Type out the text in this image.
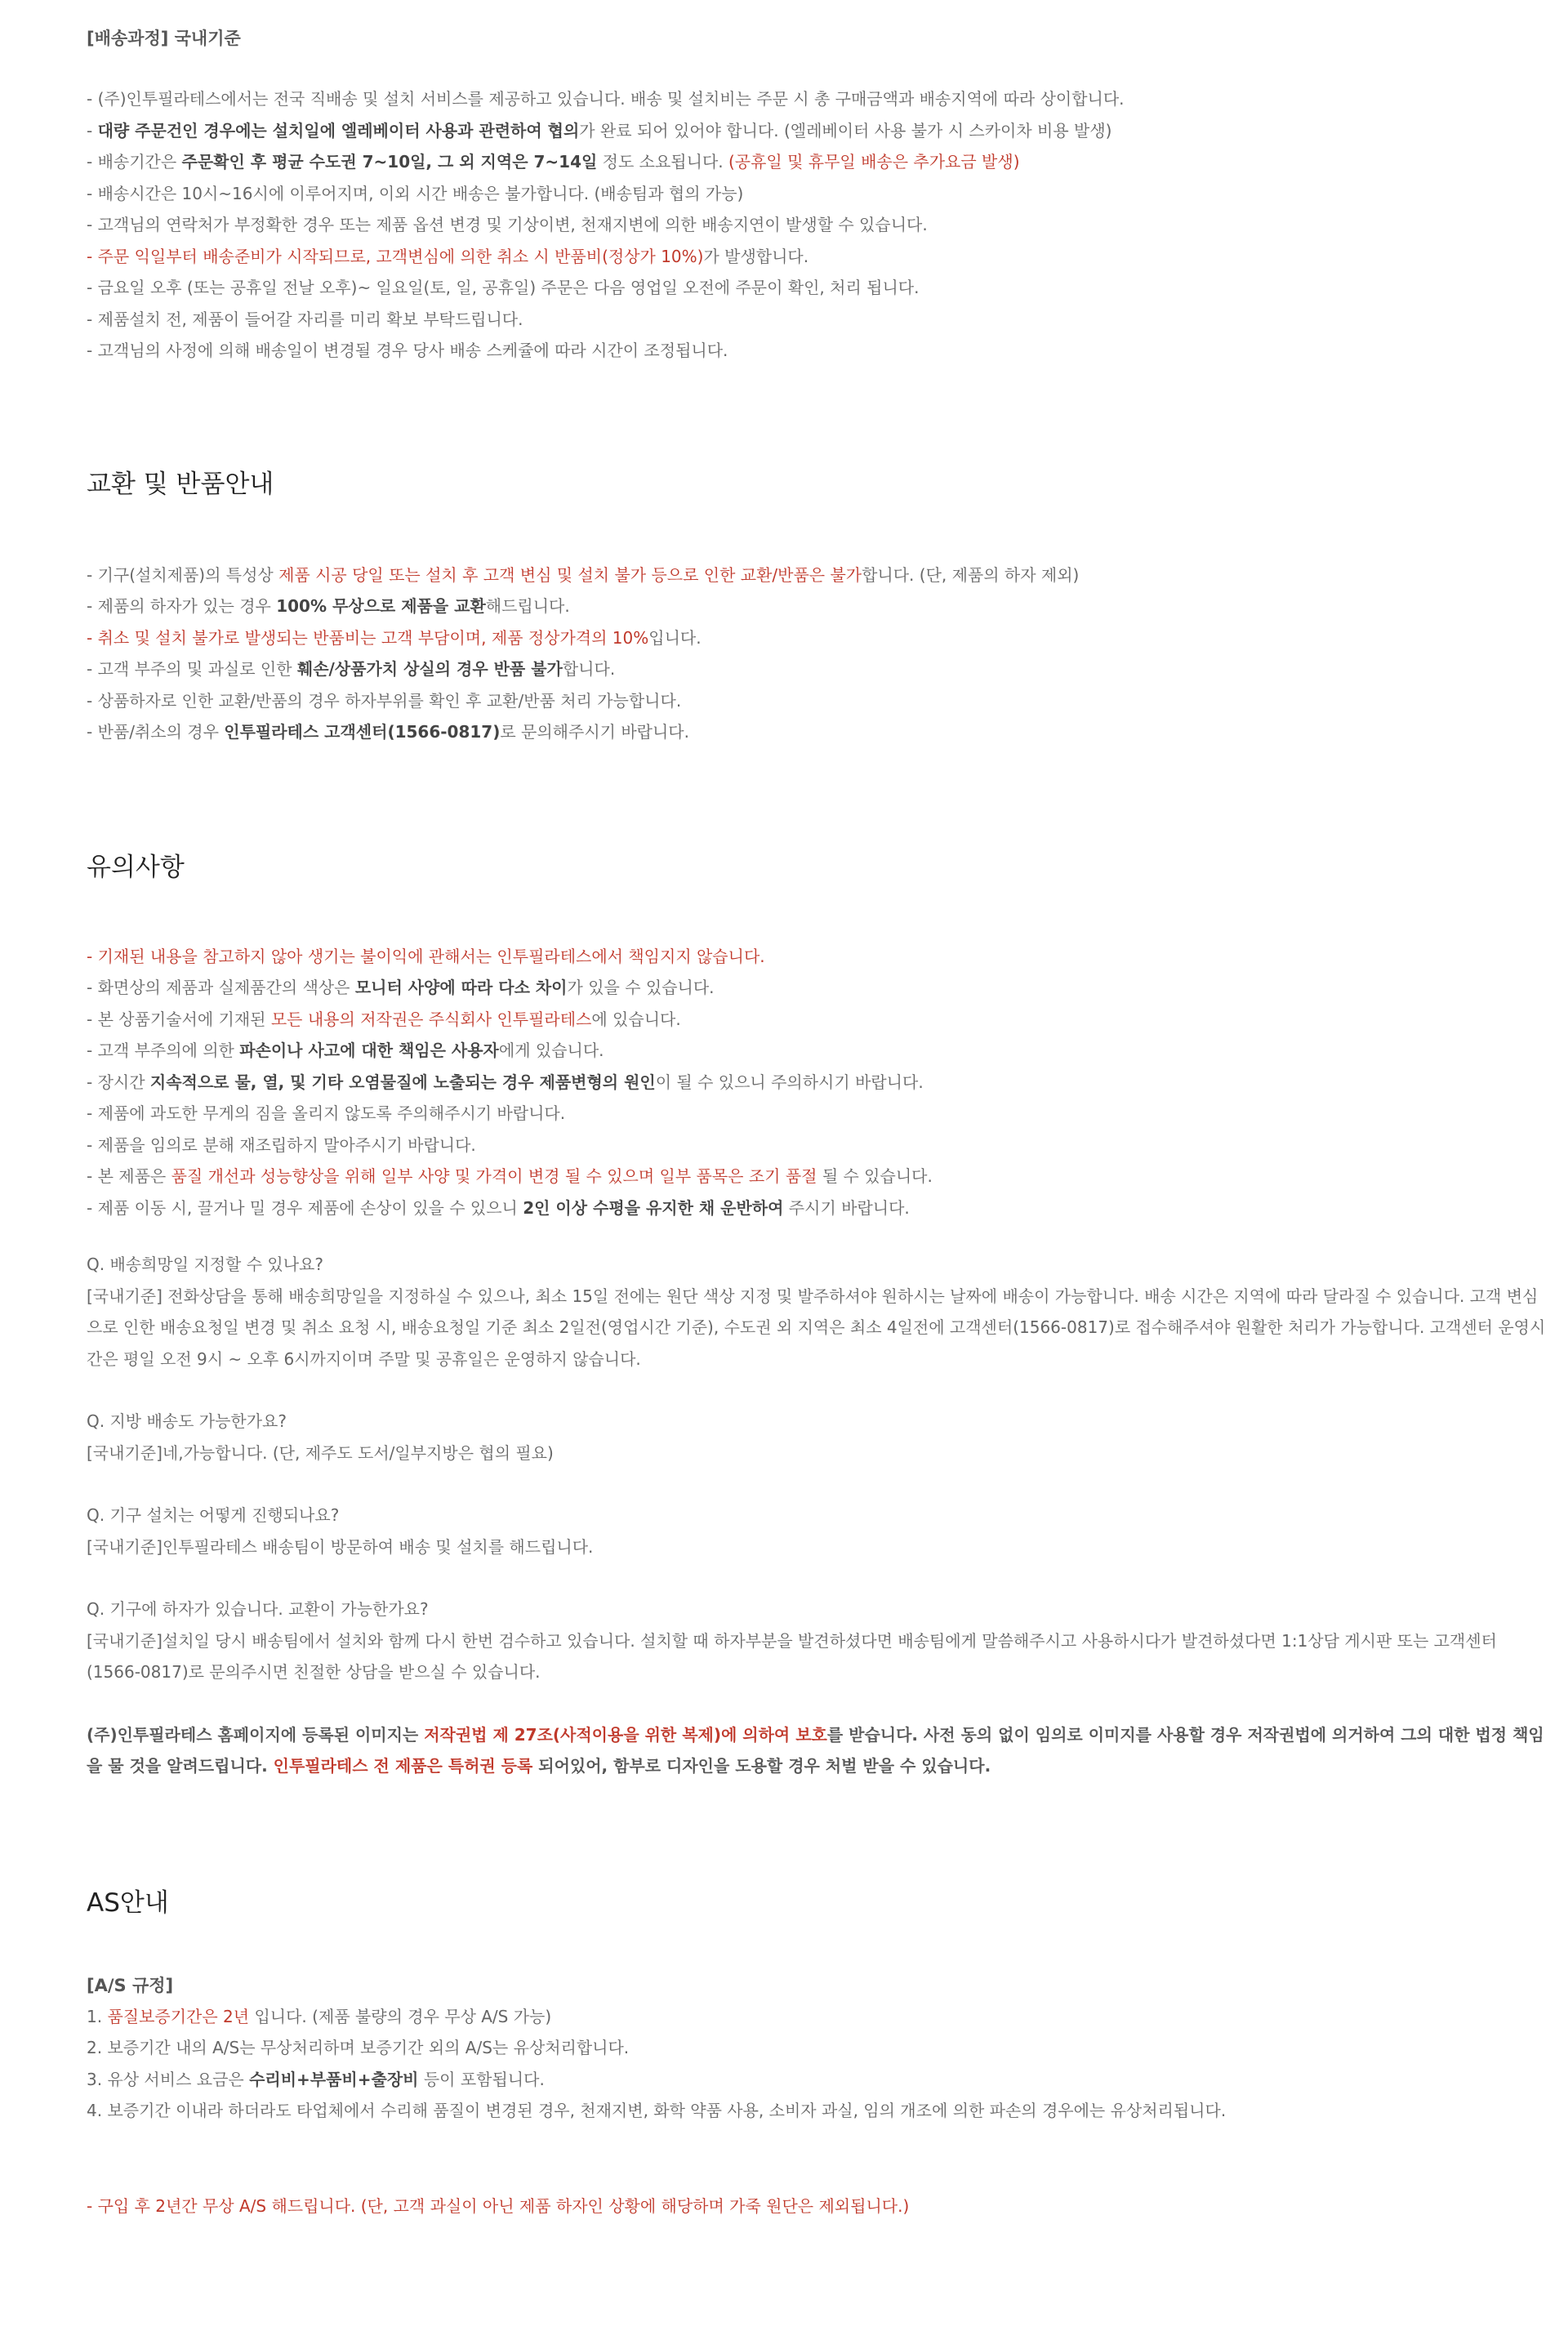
[배송과정] 국내기준

- (주)인투필라테스에서는 전국 직배송 및 설치 서비스를 제공하고 있습니다. 배송 및 설치비는 주문 시 총 구매금액과 배송지역에 따라 상이합니다.

- 대량 주문건인 경우에는 설치일에 엘레베이터 사용과 관련하여 협의가 완료 되어 있어야 합니다. (엘레베이터 사용 불가 시 스카이차 비용 발생)

- 배송기간은 주문확인 후 평균 수도권 7~10일, 그 외 지역은 7~14일 정도 소요됩니다. (공휴일 및 휴무일 배송은 추가요금 발생)

- 배송시간은 10시~16시에 이루어지며, 이외 시간 배송은 불가합니다. (배송팀과 협의 가능)

- 고객님의 연락처가 부정확한 경우 또는 제품 옵션 변경 및 기상이변, 천재지변에 의한 배송지연이 발생할 수 있습니다.

- 주문 익일부터 배송준비가 시작되므로, 고객변심에 의한 취소 시 반품비(정상가 10%)가 발생합니다.

- 금요일 오후 (또는 공휴일 전날 오후)~ 일요일(토, 일, 공휴일) 주문은 다음 영업일 오전에 주문이 확인, 처리 됩니다.

- 제품설치 전, 제품이 들어갈 자리를 미리 확보 부탁드립니다.

- 고객님의 사정에 의해 배송일이 변경될 경우 당사 배송 스케쥴에 따라 시간이 조정됩니다.

교환 및 반품안내

- 기구(설치제품)의 특성상 제품 시공 당일 또는 설치 후 고객 변심 및 설치 불가 등으로 인한 교환/반품은 불가합니다. (단, 제품의 하자 제외)

- 제품의 하자가 있는 경우 100% 무상으로 제품을 교환해드립니다.

- 취소 및 설치 불가로 발생되는 반품비는 고객 부담이며, 제품 정상가격의 10%입니다.

- 고객 부주의 및 과실로 인한 훼손/상품가치 상실의 경우 반품 불가합니다.

- 상품하자로 인한 교환/반품의 경우 하자부위를 확인 후 교환/반품 처리 가능합니다.

- 반품/취소의 경우 인투필라테스 고객센터(1566-0817)로 문의해주시기 바랍니다.

유의사항

- 기재된 내용을 참고하지 않아 생기는 불이익에 관해서는 인투필라테스에서 책임지지 않습니다.

- 화면상의 제품과 실제품간의 색상은 모니터 사양에 따라 다소 차이가 있을 수 있습니다.

- 본 상품기술서에 기재된 모든 내용의 저작권은 주식회사 인투필라테스에 있습니다.

- 고객 부주의에 의한 파손이나 사고에 대한 책임은 사용자에게 있습니다.

- 장시간 지속적으로 물, 열, 및 기타 오염물질에 노출되는 경우 제품변형의 원인이 될 수 있으니 주의하시기 바랍니다.

- 제품에 과도한 무게의 짐을 올리지 않도록 주의해주시기 바랍니다.

- 제품을 임의로 분해 재조립하지 말아주시기 바랍니다.

- 본 제품은 품질 개선과 성능향상을 위해 일부 사양 및 가격이 변경 될 수 있으며 일부 품목은 조기 품절 될 수 있습니다.

- 제품 이동 시, 끌거나 밀 경우 제품에 손상이 있을 수 있으니 2인 이상 수평을 유지한 채 운반하여 주시기 바랍니다.

Q. 배송희망일 지정할 수 있나요?

[국내기준] 전화상담을 통해 배송희망일을 지정하실 수 있으나, 최소 15일 전에는 원단 색상 지정 및 발주하셔야 원하시는 날짜에 배송이 가능합니다. 배송 시간은 지역에 따라 달라질 수 있습니다. 고객 변심으로 인한 배송요청일 변경 및 취소 요청 시, 배송요청일 기준 최소 2일전(영업시간 기준), 수도권 외 지역은 최소 4일전에 고객센터(1566-0817)로 접수해주셔야 원활한 처리가 가능합니다. 고객센터 운영시간은 평일 오전 9시 ~ 오후 6시까지이며 주말 및 공휴일은 운영하지 않습니다.

Q. 지방 배송도 가능한가요?

[국내기준]네,가능합니다. (단, 제주도 도서/일부지방은 협의 필요)

Q. 기구 설치는 어떻게 진행되나요?

[국내기준]인투필라테스 배송팀이 방문하여 배송 및 설치를 해드립니다.

Q. 기구에 하자가 있습니다. 교환이 가능한가요?

[국내기준]설치일 당시 배송팀에서 설치와 함께 다시 한번 검수하고 있습니다. 설치할 때 하자부분을 발견하셨다면 배송팀에게 말씀해주시고 사용하시다가 발견하셨다면 1:1상담 게시판 또는 고객센터(1566-0817)로 문의주시면 친절한 상담을 받으실 수 있습니다.

(주)인투필라테스 홈페이지에 등록된 이미지는 저작권법 제 27조(사적이용을 위한 복제)에 의하여 보호를 받습니다. 사전 동의 없이 임의로 이미지를 사용할 경우 저작권법에 의거하여 그의 대한 법정 책임을 물 것을 알려드립니다. 인투필라테스 전 제품은 특허권 등록 되어있어, 함부로 디자인을 도용할 경우 처벌 받을 수 있습니다.

AS안내

[A/S 규정]

1. 품질보증기간은 2년 입니다. (제품 불량의 경우 무상 A/S 가능)

2. 보증기간 내의 A/S는 무상처리하며 보증기간 외의 A/S는 유상처리합니다.

3. 유상 서비스 요금은 수리비+부품비+출장비 등이 포함됩니다.

4. 보증기간 이내라 하더라도 타업체에서 수리해 품질이 변경된 경우, 천재지변, 화학 약품 사용, 소비자 과실, 임의 개조에 의한 파손의 경우에는 유상처리됩니다.

- 구입 후 2년간 무상 A/S 해드립니다. (단, 고객 과실이 아닌 제품 하자인 상황에 해당하며 가죽 원단은 제외됩니다.)
